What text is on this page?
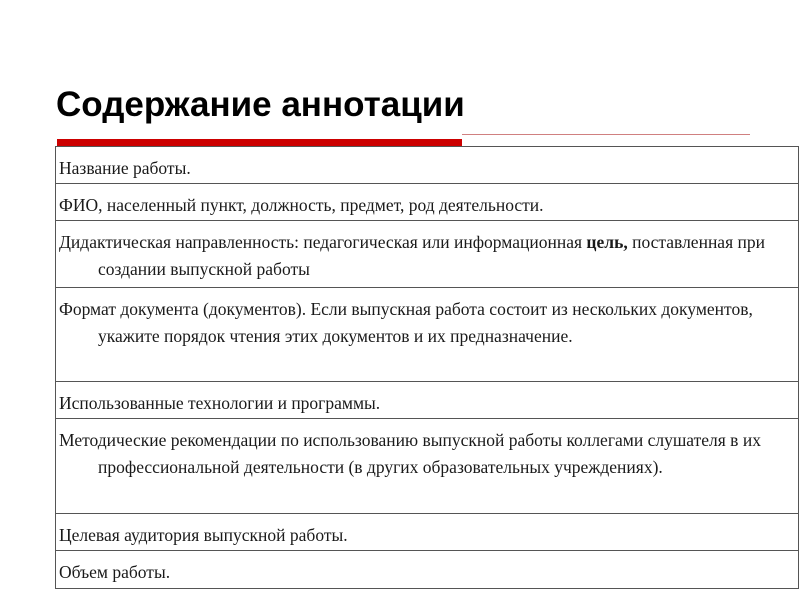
Содержание аннотации
Название работы.
ФИО, населенный пункт, должность, предмет, род деятельности.
Дидактическая направленность: педагогическая или информационная цель, поставленная при создании выпускной работы
Формат документа (документов). Если выпускная работа состоит из нескольких документов, укажите порядок чтения этих документов и их предназначение.
Использованные технологии и программы.
Методические рекомендации по использованию выпускной работы коллегами слушателя в их профессиональной деятельности (в других образовательных учреждениях).
Целевая аудитория выпускной работы.
Объем работы.
